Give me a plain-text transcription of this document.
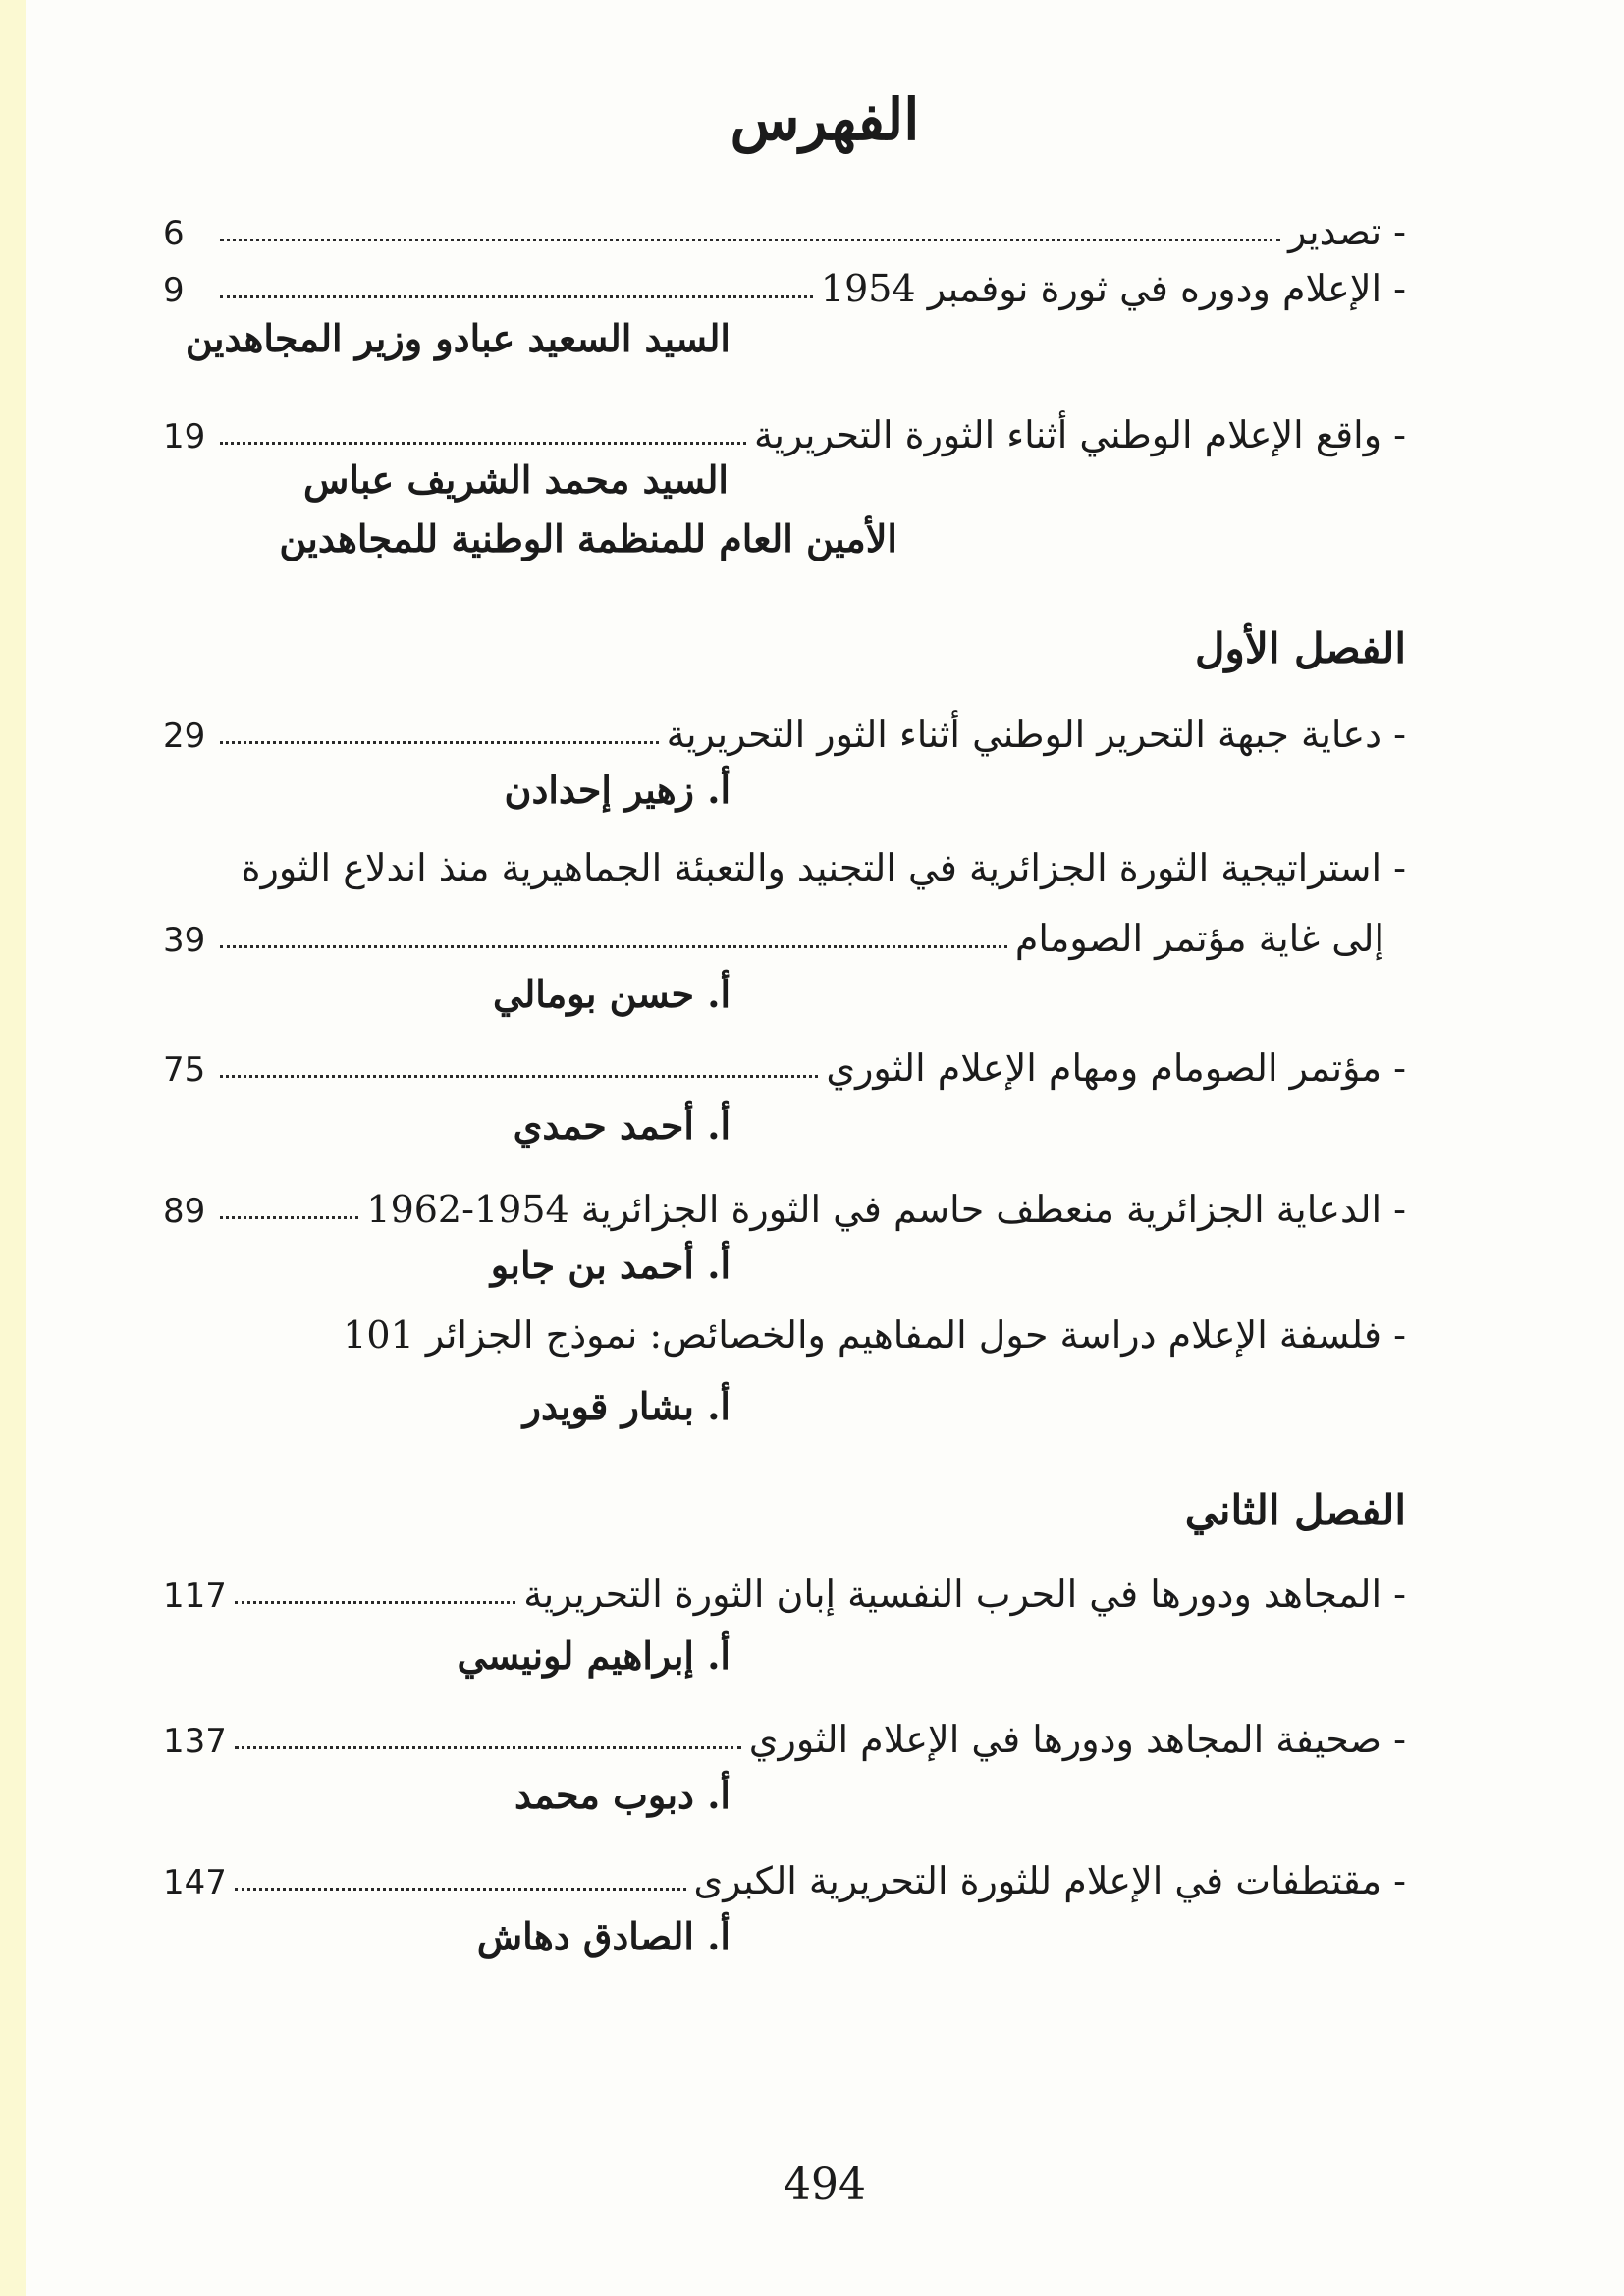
الفهرس
- تصدير
6
- الإعلام ودوره في ثورة نوفمبر 1954
9
السيد السعيد عبادو وزير المجاهدين
- واقع الإعلام الوطني أثناء الثورة التحريرية
19
السيد محمد الشريف عباس
الأمين العام للمنظمة الوطنية للمجاهدين
الفصل الأول
- دعاية جبهة التحرير الوطني أثناء الثور التحريرية
29
أ. زهير إحدادن
- استراتيجية الثورة الجزائرية في التجنيد والتعبئة الجماهيرية منذ اندلاع الثورة
إلى غاية مؤتمر الصومام
39
أ. حسن بومالي
- مؤتمر الصومام ومهام الإعلام الثوري
75
أ. أحمد حمدي
- الدعاية الجزائرية منعطف حاسم في الثورة الجزائرية 1954-1962
89
أ. أحمد بن جابو
- فلسفة الإعلام دراسة حول المفاهيم والخصائص: نموذج الجزائر 101
أ. بشار قويدر
الفصل الثاني
- المجاهد ودورها في الحرب النفسية إبان الثورة التحريرية
117
أ. إبراهيم لونيسي
- صحيفة المجاهد ودورها في الإعلام الثوري
137
أ. دبوب محمد
- مقتطفات في الإعلام للثورة التحريرية الكبرى
147
أ. الصادق دهاش
494
